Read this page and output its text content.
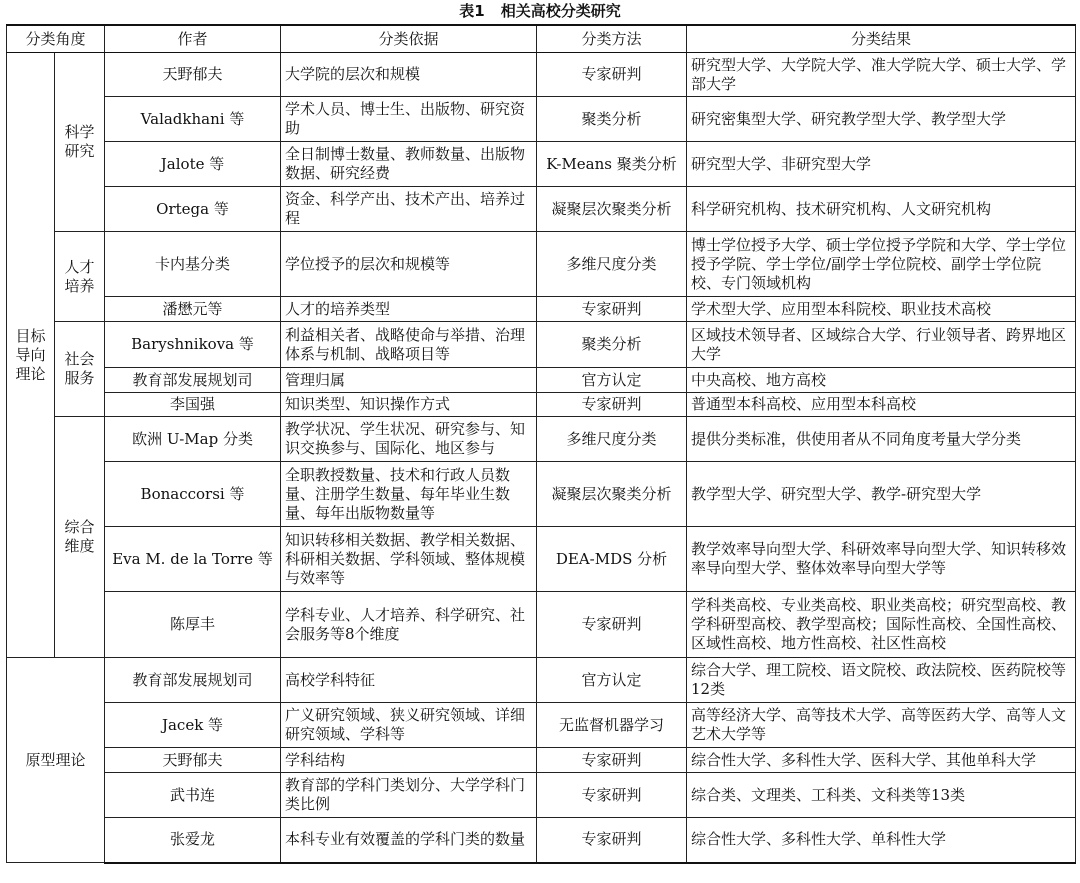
表1 相关高校分类研究
分类角度		作者	分类依据	分类方法	分类结果
目标导向理论	科学研究	天野郁夫	大学院的层次和规模	专家研判	研究型大学、大学院大学、准大学院大学、硕士大学、学部大学
		Valadkhani 等	学术人员、博士生、出版物、研究资助	聚类分析	研究密集型大学、研究教学型大学、教学型大学
		Jalote 等	全日制博士数量、教师数量、出版物数据、研究经费	K-Means 聚类分析	研究型大学、非研究型大学
		Ortega 等	资金、科学产出、技术产出、培养过程	凝聚层次聚类分析	科学研究机构、技术研究机构、人文研究机构
	人才培养	卡内基分类	学位授予的层次和规模等	多维尺度分类	博士学位授予大学、硕士学位授予学院和大学、学士学位授予学院、学士学位/副学士学位院校、副学士学位院校、专门领域机构
		潘懋元等	人才的培养类型	专家研判	学术型大学、应用型本科院校、职业技术高校
	社会服务	Baryshnikova 等	利益相关者、战略使命与举措、治理体系与机制、战略项目等	聚类分析	区域技术领导者、区域综合大学、行业领导者、跨界地区大学
		教育部发展规划司	管理归属	官方认定	中央高校、地方高校
		李国强	知识类型、知识操作方式	专家研判	普通型本科高校、应用型本科高校
	综合维度	欧洲 U-Map 分类	教学状况、学生状况、研究参与、知识交换参与、国际化、地区参与	多维尺度分类	提供分类标准，供使用者从不同角度考量大学分类
		Bonaccorsi 等	全职教授数量、技术和行政人员数量、注册学生数量、每年毕业生数量、每年出版物数量等	凝聚层次聚类分析	教学型大学、研究型大学、教学-研究型大学
		Eva M. de la Torre 等	知识转移相关数据、教学相关数据、科研相关数据、学科领域、整体规模与效率等	DEA-MDS 分析	教学效率导向型大学、科研效率导向型大学、知识转移效率导向型大学、整体效率导向型大学等
		陈厚丰	学科专业、人才培养、科学研究、社会服务等8个维度	专家研判	学科类高校、专业类高校、职业类高校；研究型高校、教学科研型高校、教学型高校；国际性高校、全国性高校、区域性高校、地方性高校、社区性高校
原型理论		教育部发展规划司	高校学科特征	官方认定	综合大学、理工院校、语文院校、政法院校、医药院校等12类
		Jacek 等	广义研究领域、狭义研究领域、详细研究领域、学科等	无监督机器学习	高等经济大学、高等技术大学、高等医药大学、高等人文艺术大学等
		天野郁夫	学科结构	专家研判	综合性大学、多科性大学、医科大学、其他单科大学
		武书连	教育部的学科门类划分、大学学科门类比例	专家研判	综合类、文理类、工科类、文科类等13类
		张爱龙	本科专业有效覆盖的学科门类的数量	专家研判	综合性大学、多科性大学、单科性大学
